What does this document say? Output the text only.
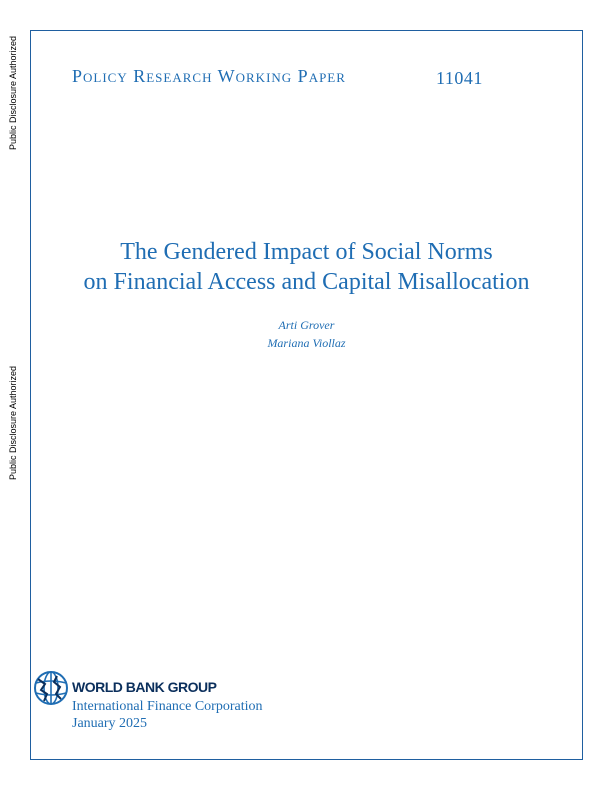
Public Disclosure Authorized
Public Disclosure Authorized
Policy Research Working Paper	11041
The Gendered Impact of Social Norms
on Financial Access and Capital Misallocation
Arti Grover
Mariana Viollaz
WORLD BANK GROUP
International Finance Corporation
January 2025
